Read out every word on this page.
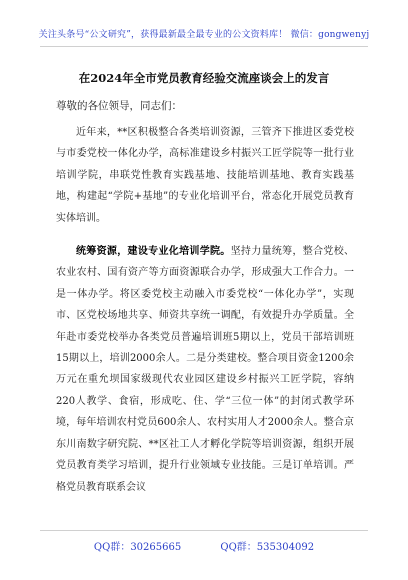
关注头条号“公文研究”，获得最新最全最专业的公文资料库！ 微信：gongwenyj
在2024年全市党员教育经验交流座谈会上的发言
尊敬的各位领导，同志们：

近年来，**区积极整合各类培训资源，三管齐下推进区委党校与市委党校一体化办学，高标准建设乡村振兴工匠学院等一批行业培训学院，串联党性教育实践基地、技能培训基地、教育实践基地，构建起“学院+基地”的专业化培训平台，常态化开展党员教育实体培训。

统筹资源，建设专业化培训学院。坚持力量统筹，整合党校、农业农村、国有资产等方面资源联合办学，形成强大工作合力。一是一体办学。将区委党校主动融入市委党校“一体化办学”，实现市、区党校场地共享、师资共享统一调配，有效提升办学质量。全年赴市委党校举办各类党员普遍培训班5期以上，党员干部培训班15期以上，培训2000余人。二是分类建校。整合项目资金1200余万元在重允坝国家级现代农业园区建设乡村振兴工匠学院，容纳220人教学、食宿，形成吃、住、学“三位一体”的封闭式教学环境，每年培训农村党员600余人、农村实用人才2000余人。整合京东川南数字研究院、**区社工人才孵化学院等培训资源，组织开展党员教育类学习培训，提升行业领域专业技能。三是订单培训。严格党员教育联系会议

QQ群：30265665	QQ群：535304092
